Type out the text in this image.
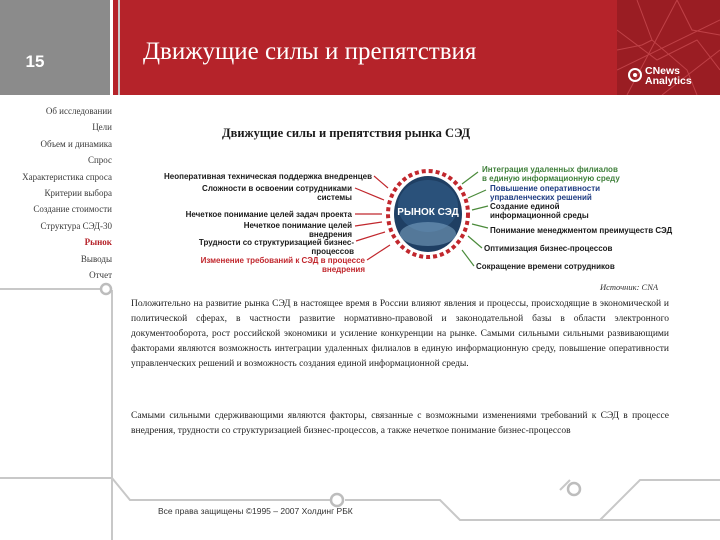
15	Движущие силы и препятствия
CNews
Analytics
Об исследовании
Цели
Объем и динамика
Спрос
Характеристика спроса
Критерии выбора
Создание стоимости
Структура СЭД-30
Рынок
Выводы
Отчет
Движущие силы и препятствия рынка СЭД
Неоперативная техническая поддержка внедренцев
Сложности в освоении сотрудниками системы
Нечеткое понимание целей задач проекта
Нечеткое понимание целей внедрения
Трудности со структуризацией бизнес-процессов
Изменение требований к СЭД в процессе внедрения
РЫНОК СЭД
Интеграция удаленных филиалов в единую информационную среду
Повышение оперативности управленческих решений
Создание единой информационной среды
Понимание менеджментом преимуществ СЭД
Оптимизация бизнес-процессов
Сокращение времени сотрудников
Источник: CNA
Положительно на развитие рынка СЭД в настоящее время в России влияют явления и процессы, происходящие в экономической и политической сферах, в частности развитие нормативно-правовой и законодательной базы в области электронного документооборота, рост российской экономики и усиление конкуренции на рынке. Самыми сильными сильными развивающими факторами являются возможность интеграции удаленных филиалов в единую информационную среду, повышение оперативности управленческих решений и возможность создания единой информационной среды.
Самыми сильными сдерживающими являются факторы, связанные с возможными изменениями требований к СЭД в процессе внедрения, трудности со структуризацией бизнес-процессов, а также нечеткое понимание бизнес-процессов
Все права защищены ©1995 – 2007 Холдинг РБК
